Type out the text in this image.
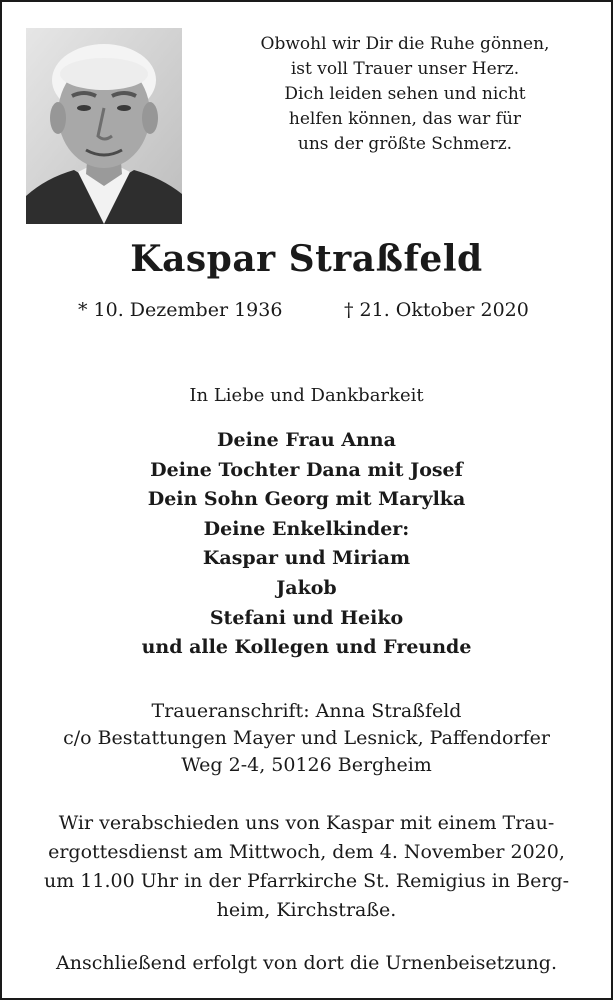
Obwohl wir Dir die Ruhe gönnen,
ist voll Trauer unser Herz.
Dich leiden sehen und nicht
helfen können, das war für
uns der größte Schmerz.
Kaspar Straßfeld
* 10. Dezember 1936	† 21. Oktober 2020
In Liebe und Dankbarkeit
Deine Frau Anna
Deine Tochter Dana mit Josef
Dein Sohn Georg mit Marylka
Deine Enkelkinder:
Kaspar und Miriam
Jakob
Stefani und Heiko
und alle Kollegen und Freunde
Traueranschrift: Anna Straßfeld
c/o Bestattungen Mayer und Lesnick, Paffendorfer
Weg 2-4, 50126 Bergheim
Wir verabschieden uns von Kaspar mit einem Trau-
ergottesdienst am Mittwoch, dem 4. November 2020,
um 11.00 Uhr in der Pfarrkirche St. Remigius in Berg-
heim, Kirchstraße.
Anschließend erfolgt von dort die Urnenbeisetzung.
